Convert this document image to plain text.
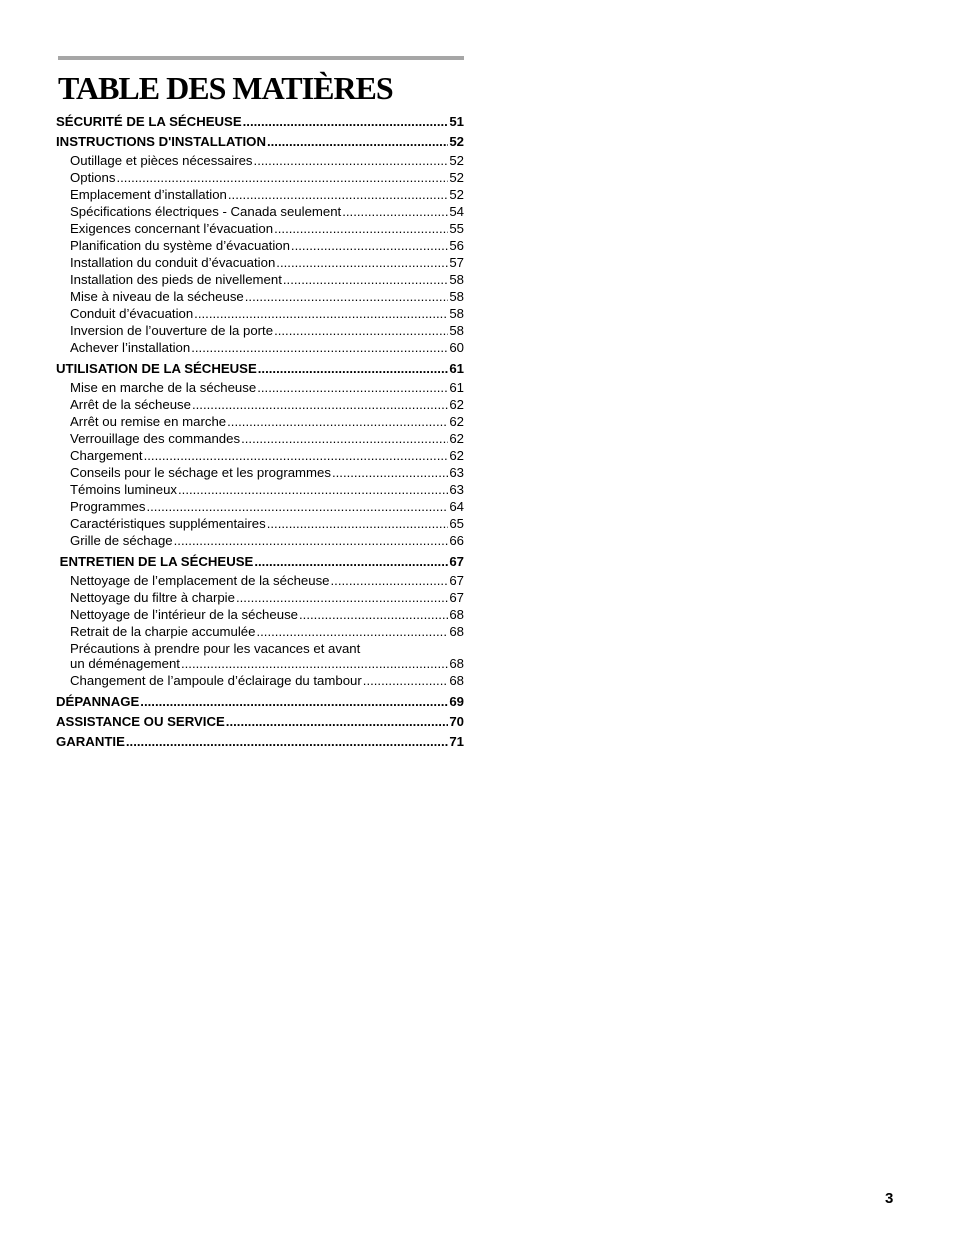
TABLE DES MATIÈRES
SÉCURITÉ DE LA SÉCHEUSE .....	51
INSTRUCTIONS D'INSTALLATION .....	52
Outillage et pièces nécessaires .....	52
Options .....	52
Emplacement d’installation .....	52
Spécifications électriques - Canada seulement .....	54
Exigences concernant l’évacuation .....	55
Planification du système d’évacuation .....	56
Installation du conduit d’évacuation .....	57
Installation des pieds de nivellement .....	58
Mise à niveau de la sécheuse .....	58
Conduit d’évacuation .....	58
Inversion de l’ouverture de la porte .....	58
Achever l’installation .....	60
UTILISATION DE LA SÉCHEUSE .....	61
Mise en marche de la sécheuse .....	61
Arrêt de la sécheuse .....	62
Arrêt ou remise en marche .....	62
Verrouillage des commandes .....	62
Chargement .....	62
Conseils pour le séchage et les programmes .....	63
Témoins lumineux .....	63
Programmes .....	64
Caractéristiques supplémentaires .....	65
Grille de séchage .....	66
ENTRETIEN DE LA SÉCHEUSE .....	67
Nettoyage de l’emplacement de la sécheuse .....	67
Nettoyage du filtre à charpie .....	67
Nettoyage de l’intérieur de la sécheuse .....	68
Retrait de la charpie accumulée .....	68
Précautions à prendre pour les vacances et avant
un déménagement .....	68
Changement de l’ampoule d’éclairage du tambour .....	68
DÉPANNAGE .....	69
ASSISTANCE OU SERVICE .....	70
GARANTIE .....	71
3
